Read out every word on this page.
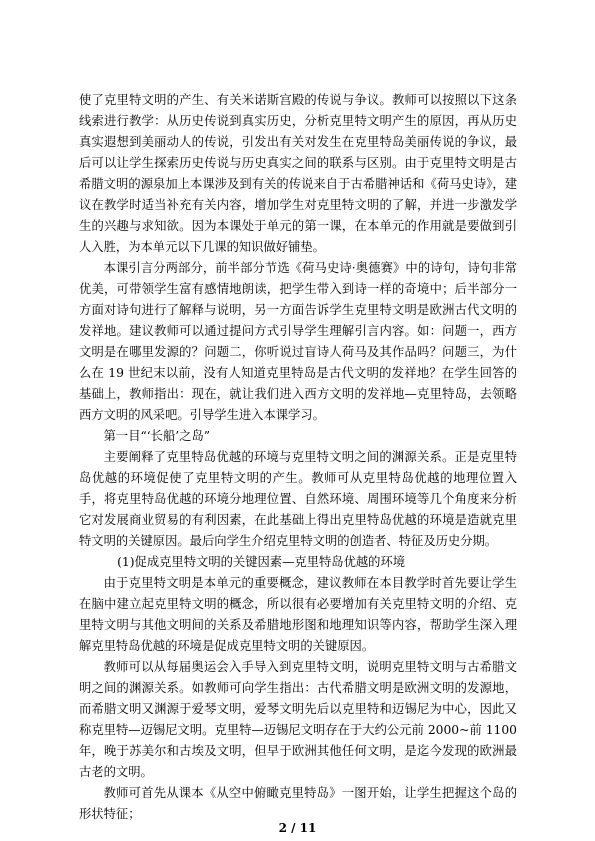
使了克里特文明的产生、有关米诺斯宫殿的传说与争议。教师可以按照以下这条线索进行教学：从历史传说到真实历史，分析克里特文明产生的原因，再从历史真实遐想到美丽动人的传说，引发出有关对发生在克里特岛美丽传说的争议，最后可以让学生探索历史传说与历史真实之间的联系与区别。由于克里特文明是古希腊文明的源泉加上本课涉及到有关的传说来自于古希腊神话和《荷马史诗》，建议在教学时适当补充有关内容，增加学生对克里特文明的了解，并进一步激发学生的兴趣与求知欲。因为本课处于单元的第一课，在本单元的作用就是要做到引人入胜，为本单元以下几课的知识做好铺垫。

本课引言分两部分，前半部分节选《荷马史诗·奥德赛》中的诗句，诗句非常优美，可带领学生富有感情地朗读，把学生带入到诗一样的奇境中；后半部分一方面对诗句进行了解释与说明，另一方面告诉学生克里特文明是欧洲古代文明的发祥地。建议教师可以通过提问方式引导学生理解引言内容。如：问题一，西方文明是在哪里发源的？问题二，你听说过盲诗人荷马及其作品吗？问题三，为什么在 19 世纪末以前，没有人知道克里特岛是古代文明的发祥地？在学生回答的基础上，教师指出：现在，就让我们进入西方文明的发祥地—克里特岛，去领略西方文明的风采吧。引导学生进入本课学习。

第一目“‘长船’之岛”

主要阐释了克里特岛优越的环境与克里特文明之间的渊源关系。正是克里特岛优越的环境促使了克里特文明的产生。教师可从克里特岛优越的地理位置入手，将克里特岛优越的环境分地理位置、自然环境、周围环境等几个角度来分析它对发展商业贸易的有利因素，在此基础上得出克里特岛优越的环境是造就克里特文明的关键原因。最后向学生介绍克里特文明的创造者、特征及历史分期。

(1)促成克里特文明的关键因素—克里特岛优越的环境

由于克里特文明是本单元的重要概念，建议教师在本目教学时首先要让学生在脑中建立起克里特文明的概念，所以很有必要增加有关克里特文明的介绍、克里特文明与其他文明间的关系及希腊地形图和地理知识等内容，帮助学生深入理解克里特岛优越的环境是促成克里特文明的关键原因。

教师可以从每届奥运会入手导入到克里特文明，说明克里特文明与古希腊文明之间的渊源关系。如教师可向学生指出：古代希腊文明是欧洲文明的发源地，而希腊文明又渊源于爱琴文明，爱琴文明先后以克里特和迈锡尼为中心，因此又称克里特—迈锡尼文明。克里特—迈锡尼文明存在于大约公元前 2000~前 1100 年，晚于苏美尔和古埃及文明，但早于欧洲其他任何文明，是迄今发现的欧洲最古老的文明。

教师可首先从课本《从空中俯瞰克里特岛》一图开始，让学生把握这个岛的形状特征；

2 / 11
